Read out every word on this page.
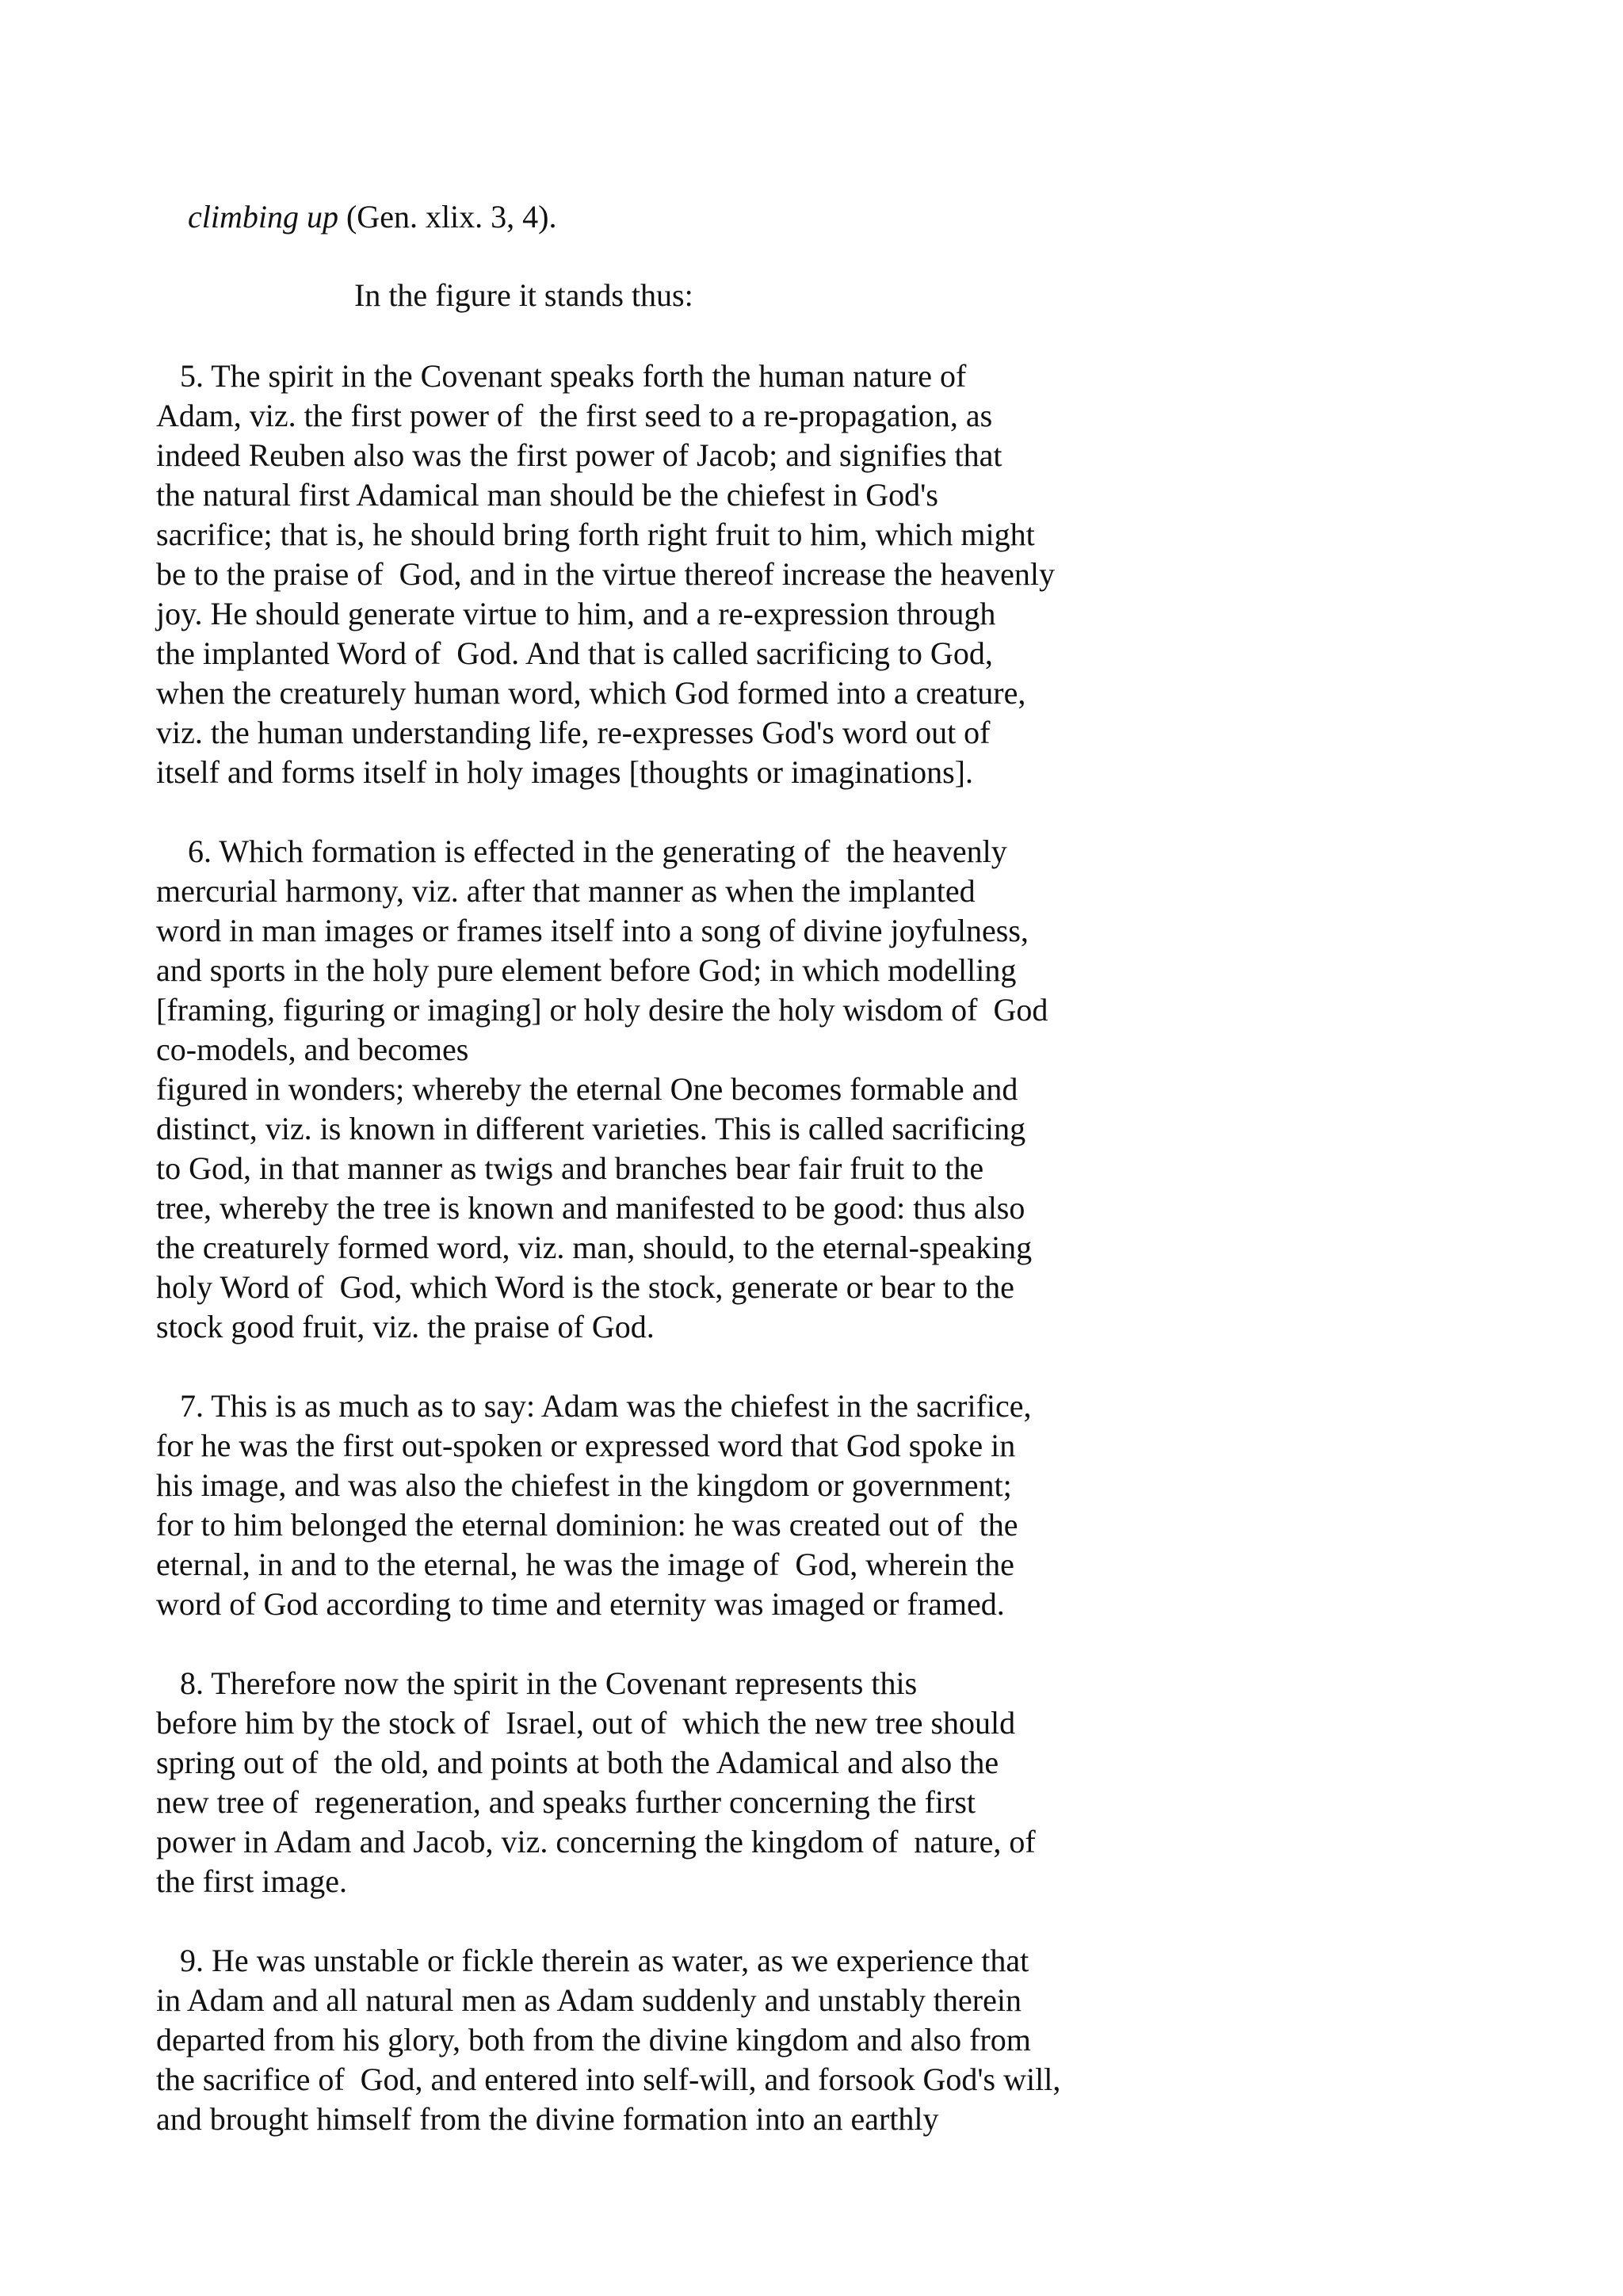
climbing up (Gen. xlix. 3, 4).

In the figure it stands thus:
5. The spirit in the Covenant speaks forth the human nature of
Adam, viz. the first power of  the first seed to a re-propagation, as
indeed Reuben also was the first power of Jacob; and signifies that
the natural first Adamical man should be the chiefest in God's
sacrifice; that is, he should bring forth right fruit to him, which might
be to the praise of  God, and in the virtue thereof increase the heavenly
joy. He should generate virtue to him, and a re-expression through
the implanted Word of  God. And that is called sacrificing to God,
when the creaturely human word, which God formed into a creature,
viz. the human understanding life, re-expresses God's word out of
itself and forms itself in holy images [thoughts or imaginations].
6. Which formation is effected in the generating of  the heavenly
mercurial harmony, viz. after that manner as when the implanted
word in man images or frames itself into a song of divine joyfulness,
and sports in the holy pure element before God; in which modelling
[framing, figuring or imaging] or holy desire the holy wisdom of  God
co-models, and becomes
figured in wonders; whereby the eternal One becomes formable and
distinct, viz. is known in different varieties. This is called sacrificing
to God, in that manner as twigs and branches bear fair fruit to the
tree, whereby the tree is known and manifested to be good: thus also
the creaturely formed word, viz. man, should, to the eternal-speaking
holy Word of  God, which Word is the stock, generate or bear to the
stock good fruit, viz. the praise of God.
7. This is as much as to say: Adam was the chiefest in the sacrifice,
for he was the first out-spoken or expressed word that God spoke in
his image, and was also the chiefest in the kingdom or government;
for to him belonged the eternal dominion: he was created out of  the
eternal, in and to the eternal, he was the image of  God, wherein the
word of God according to time and eternity was imaged or framed.
8. Therefore now the spirit in the Covenant represents this
before him by the stock of  Israel, out of  which the new tree should
spring out of  the old, and points at both the Adamical and also the
new tree of  regeneration, and speaks further concerning the first
power in Adam and Jacob, viz. concerning the kingdom of  nature, of
the first image.
9. He was unstable or fickle therein as water, as we experience that
in Adam and all natural men as Adam suddenly and unstably therein
departed from his glory, both from the divine kingdom and also from
the sacrifice of  God, and entered into self-will, and forsook God's will,
and brought himself from the divine formation into an earthly
